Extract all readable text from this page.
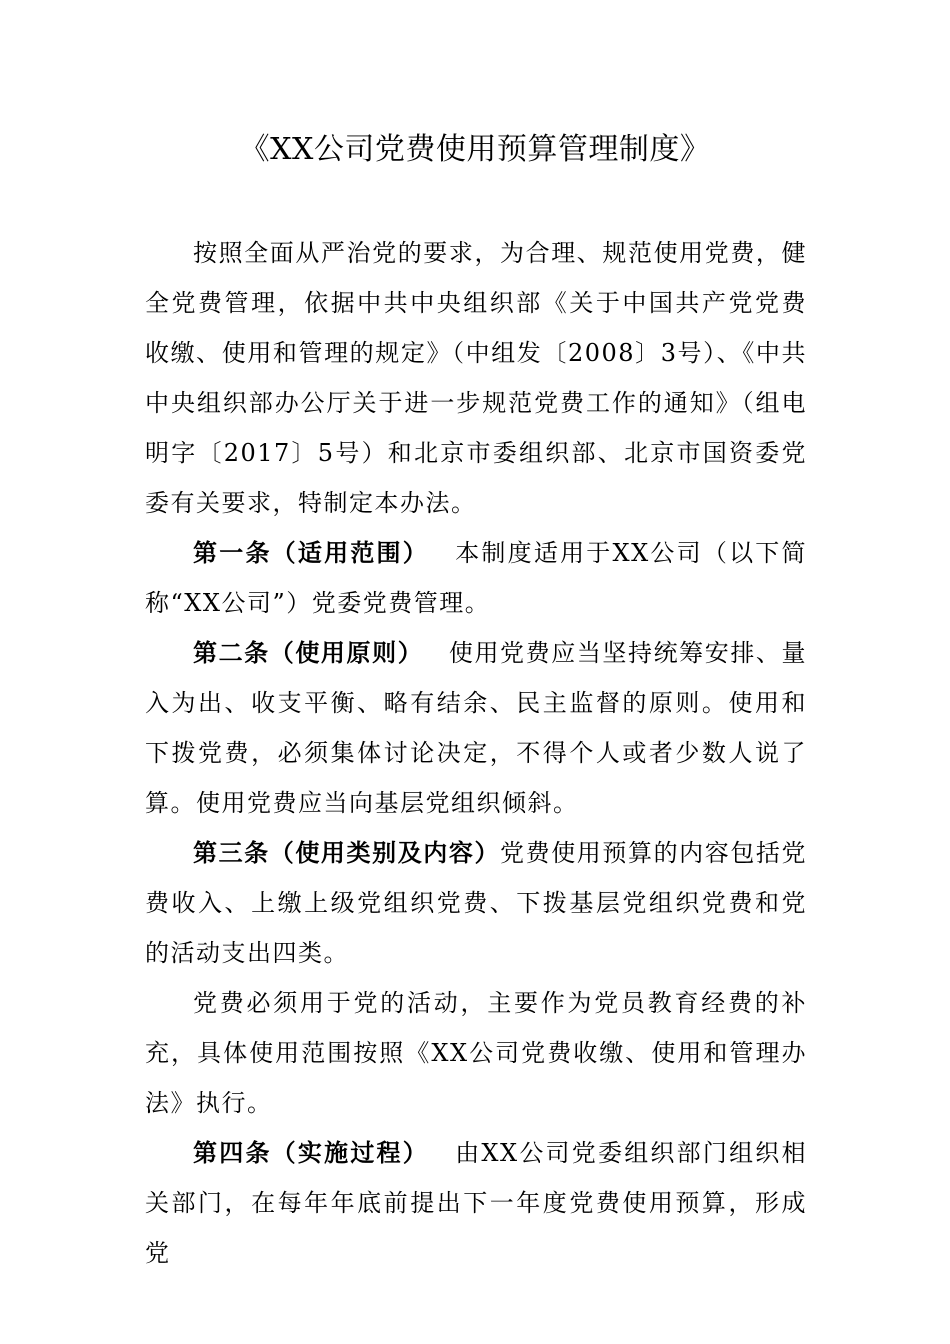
《XX公司党费使用预算管理制度》

按照全面从严治党的要求，为合理、规范使用党费，健全党费管理，依据中共中央组织部《关于中国共产党党费收缴、使用和管理的规定》（中组发〔2008〕3号）、《中共中央组织部办公厅关于进一步规范党费工作的通知》（组电明字〔2017〕5号）和北京市委组织部、北京市国资委党委有关要求，特制定本办法。

第一条（适用范围）  本制度适用于XX公司（以下简称“XX公司”）党委党费管理。

第二条（使用原则）  使用党费应当坚持统筹安排、量入为出、收支平衡、略有结余、民主监督的原则。使用和下拨党费，必须集体讨论决定，不得个人或者少数人说了算。使用党费应当向基层党组织倾斜。

第三条（使用类别及内容）党费使用预算的内容包括党费收入、上缴上级党组织党费、下拨基层党组织党费和党的活动支出四类。

党费必须用于党的活动，主要作为党员教育经费的补充，具体使用范围按照《XX公司党费收缴、使用和管理办法》执行。

第四条（实施过程）  由XX公司党委组织部门组织相关部门，在每年年底前提出下一年度党费使用预算，形成党
